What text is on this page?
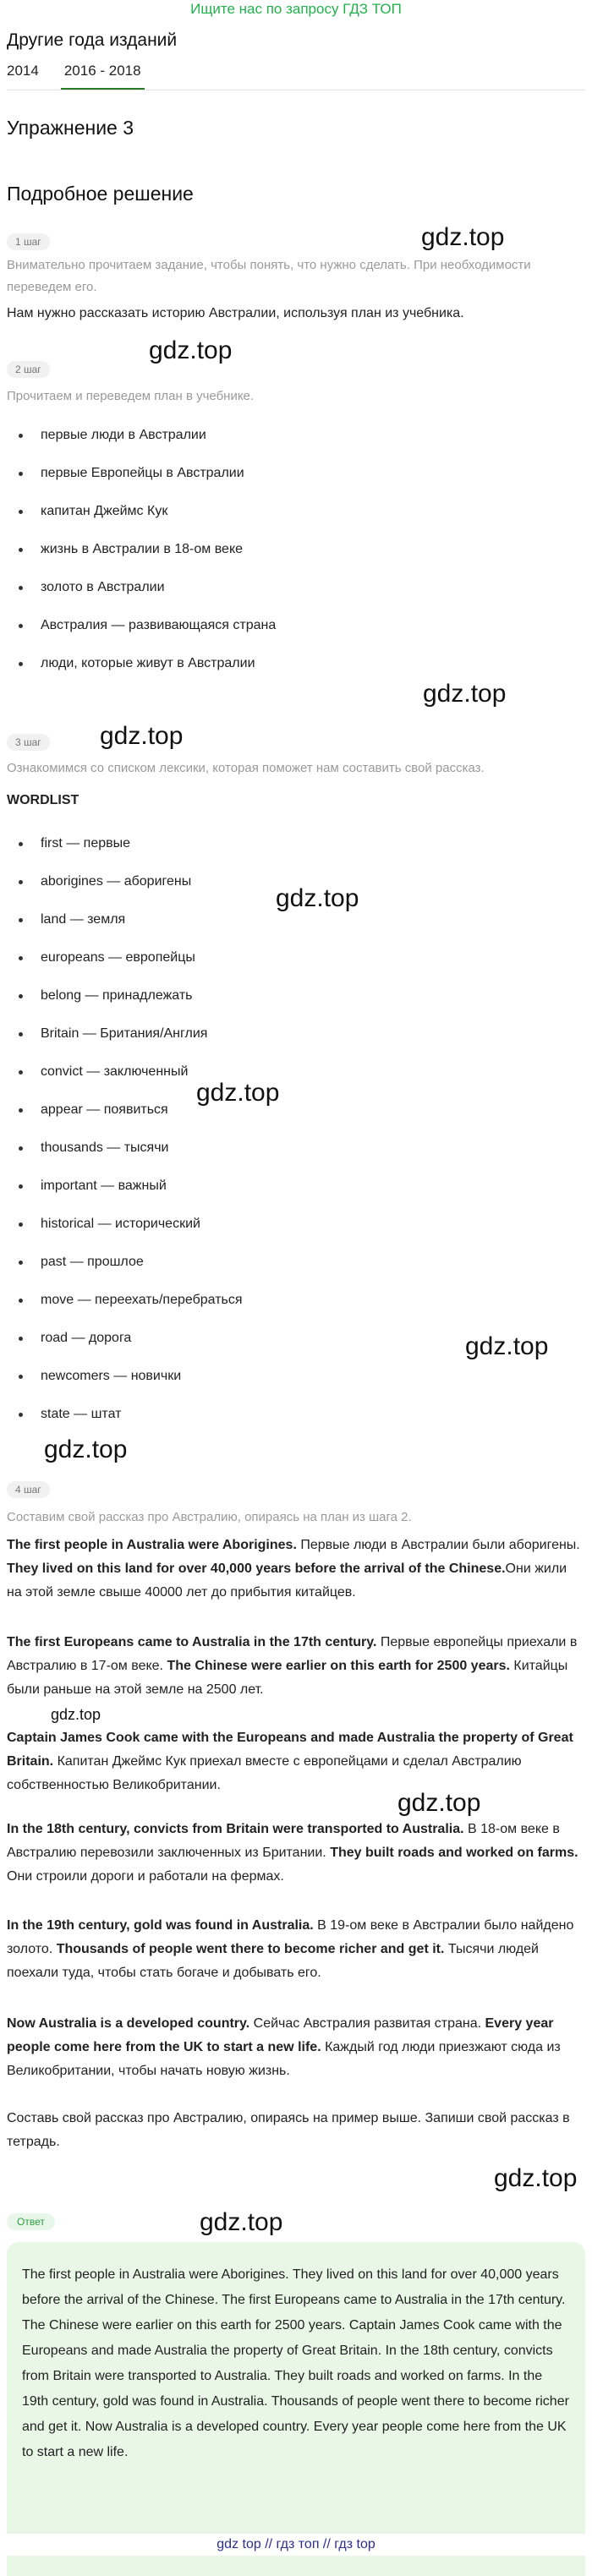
Ищите нас по запросу ГДЗ ТОП
Другие года изданий
2014 2016 - 2018
Упражнение 3
Подробное решение
1 шаг	gdz.top
Внимательно прочитаем задание, чтобы понять, что нужно сделать. При необходимости переведем его.
Нам нужно рассказать историю Австралии, используя план из учебника.
2 шаг
gdz.top
Прочитаем и переведем план в учебнике.
первые люди в Австралии
первые Европейцы в Австралии
капитан Джеймс Кук
жизнь в Австралии в 18-ом веке
золото в Австралии
Австралия — развивающаяся страна
люди, которые живут в Австралии
gdz.top
3 шаг	gdz.top
Ознакомимся со списком лексики, которая поможет нам составить свой рассказ.
WORDLIST
first — первые
aborigines — аборигены
land — земля
europeans — европейцы
belong — принадлежать
Britain — Британия/Англия
convict — заключенный
appear — появиться
thousands — тысячи
important — важный
historical — исторический
past — прошлое
move — переехать/перебраться
road — дорога
newcomers — новички
state — штат
gdz.top
gdz.top
gdz.top
gdz.top
4 шаг
Составим свой рассказ про Австралию, опираясь на план из шага 2.
The first people in Australia were Aborigines. Первые люди в Австралии были аборигены. They lived on this land for over 40,000 years before the arrival of the Chinese.Они жили на этой земле свыше 40000 лет до прибытия китайцев.
The first Europeans came to Australia in the 17th century. Первые европейцы приехали в Австралию в 17-ом веке. The Chinese were earlier on this earth for 2500 years. Китайцы были раньше на этой земле на 2500 лет.
gdz.top
Captain James Cook came with the Europeans and made Australia the property of Great Britain. Капитан Джеймс Кук приехал вместе с европейцами и сделал Австралию собственностью Великобритании.
gdz.top
In the 18th century, convicts from Britain were transported to Australia. В 18-ом веке в Австралию перевозили заключенных из Британии. They built roads and worked on farms. Они строили дороги и работали на фермах.
In the 19th century, gold was found in Australia. В 19-ом веке в Австралии было найдено золото. Thousands of people went there to become richer and get it. Тысячи людей поехали туда, чтобы стать богаче и добывать его.
Now Australia is a developed country. Сейчас Австралия развитая страна. Every year people come here from the UK to start a new life. Каждый год люди приезжают сюда из Великобритании, чтобы начать новую жизнь.
Составь свой рассказ про Австралию, опираясь на пример выше. Запиши свой рассказ в тетрадь.
gdz.top
Ответ	gdz.top
The first people in Australia were Aborigines. They lived on this land for over 40,000 years before the arrival of the Chinese. The first Europeans came to Australia in the 17th century. The Chinese were earlier on this earth for 2500 years. Captain James Cook came with the Europeans and made Australia the property of Great Britain. In the 18th century, convicts from Britain were transported to Australia. They built roads and worked on farms. In the 19th century, gold was found in Australia. Thousands of people went there to become richer and get it. Now Australia is a developed country. Every year people come here from the UK to start a new life.
gdz top // гдз топ // гдз top
